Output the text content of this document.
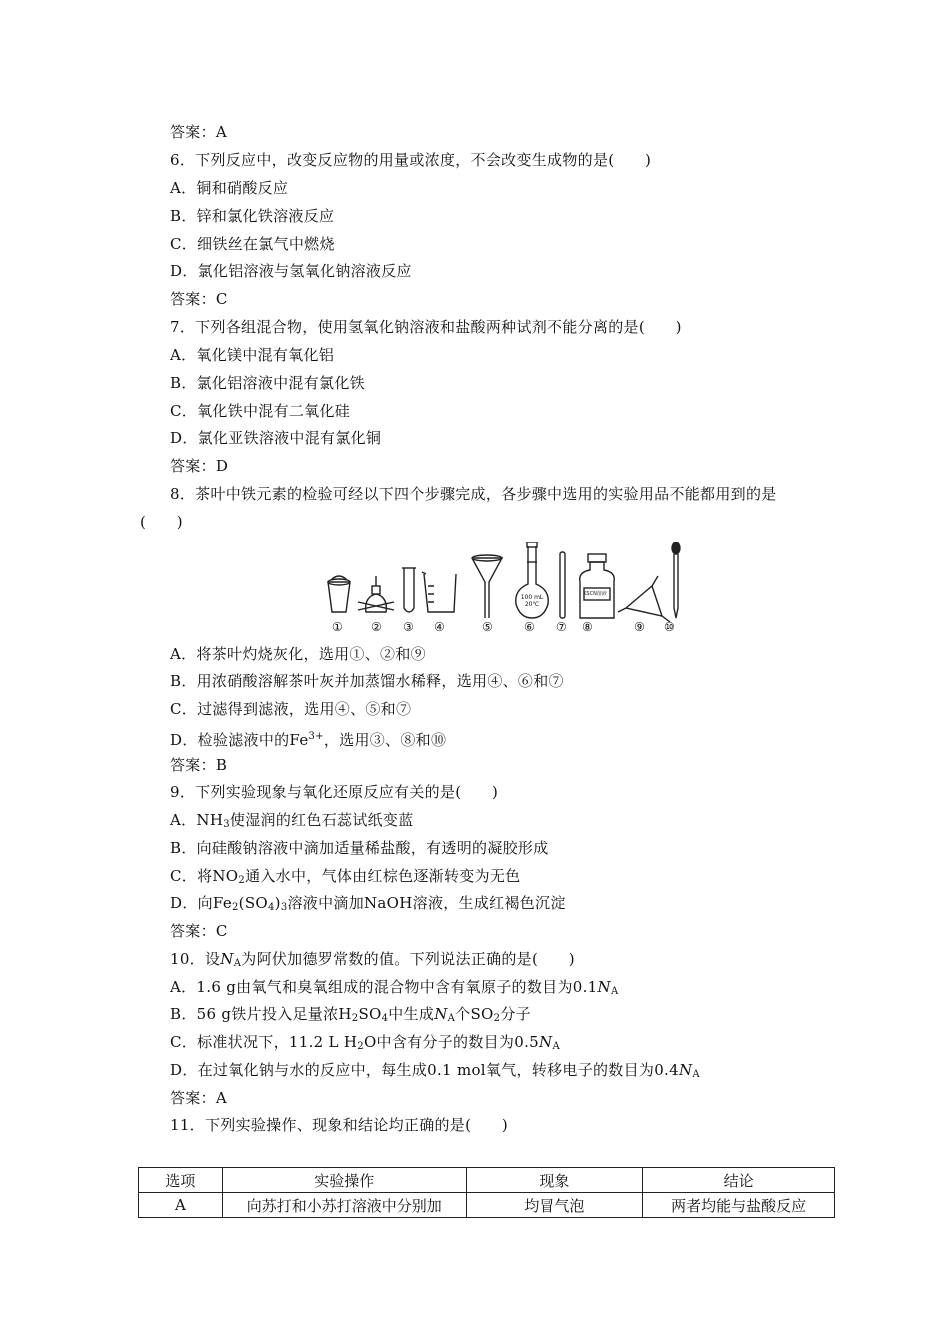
答案：A
6．下列反应中，改变反应物的用量或浓度，不会改变生成物的是(　　)
A．铜和硝酸反应
B．锌和氯化铁溶液反应
C．细铁丝在氯气中燃烧
D．氯化铝溶液与氢氧化钠溶液反应
答案：C
7．下列各组混合物，使用氢氧化钠溶液和盐酸两种试剂不能分离的是(　　)
A．氧化镁中混有氧化铝
B．氯化铝溶液中混有氯化铁
C．氧化铁中混有二氧化硅
D．氯化亚铁溶液中混有氯化铜
答案：D
8．茶叶中铁元素的检验可经以下四个步骤完成，各步骤中选用的实验用品不能都用到的是
(　　)
① ② ③ ④	⑤	⑥ ⑦ ⑧	⑨ ⑩
100 mL
20℃
KSCN溶液
A．将茶叶灼烧灰化，选用①、②和⑨
B．用浓硝酸溶解茶叶灰并加蒸馏水稀释，选用④、⑥和⑦
C．过滤得到滤液，选用④、⑤和⑦
D．检验滤液中的$Fe^{3+}$，选用③、⑧和⑩
答案：B
9．下列实验现象与氧化还原反应有关的是(　　)
A．$NH_3$使湿润的红色石蕊试纸变蓝
B．向硅酸钠溶液中滴加适量稀盐酸，有透明的凝胶形成
C．将$NO_2$通入水中，气体由红棕色逐渐转变为无色
D．向$Fe_2(SO_4)_3$溶液中滴加NaOH溶液，生成红褐色沉淀
答案：C
10．设$N_A$为阿伏加德罗常数的值。下列说法正确的是(　　)
A．1.6 g由氧气和臭氧组成的混合物中含有氧原子的数目为$0.1N_A$
B．56 g铁片投入足量浓$H_2SO_4$中生成$N_A$个$SO_2$分子
C．标准状况下，11.2 L $H_2O$中含有分子的数目为$0.5N_A$
D．在过氧化钠与水的反应中，每生成0.1 mol氧气，转移电子的数目为$0.4N_A$
答案：A
11．下列实验操作、现象和结论均正确的是(　　)
选项	实验操作	现象	结论
A	向苏打和小苏打溶液中分别加	均冒气泡	两者均能与盐酸反应
